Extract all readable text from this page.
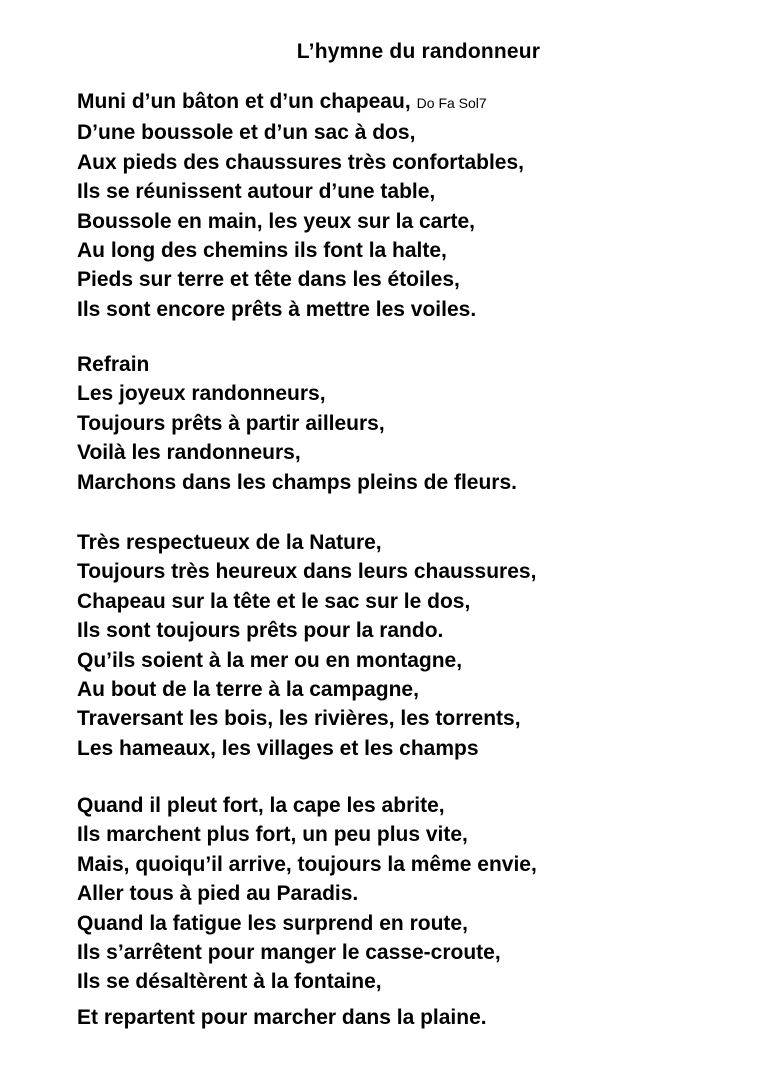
L’hymne du randonneur
Muni d’un bâton et d’un chapeau, Do Fa Sol7
D’une boussole et d’un sac à dos,
Aux pieds des chaussures très confortables,
Ils se réunissent autour d’une table,
Boussole en main, les yeux sur la carte,
Au long des chemins ils font la halte,
Pieds sur terre et tête dans les étoiles,
Ils sont encore prêts à mettre les voiles.
Refrain
Les joyeux randonneurs,
Toujours prêts à partir ailleurs,
Voilà les randonneurs,
Marchons dans les champs pleins de fleurs.
Très respectueux de la Nature,
Toujours très heureux dans leurs chaussures,
Chapeau sur la tête et le sac sur le dos,
Ils sont toujours prêts pour la rando.
Qu’ils soient à la mer ou en montagne,
Au bout de la terre à la campagne,
Traversant les bois, les rivières, les torrents,
Les hameaux, les villages et les champs
Quand il pleut fort, la cape les abrite,
Ils marchent plus fort, un peu plus vite,
Mais, quoiqu’il arrive, toujours la même envie,
Aller tous à pied au Paradis.
Quand la fatigue les surprend en route,
Ils s’arrêtent pour manger le casse-croute,
Ils se désaltèrent à la fontaine,
Et repartent pour marcher dans la plaine.
